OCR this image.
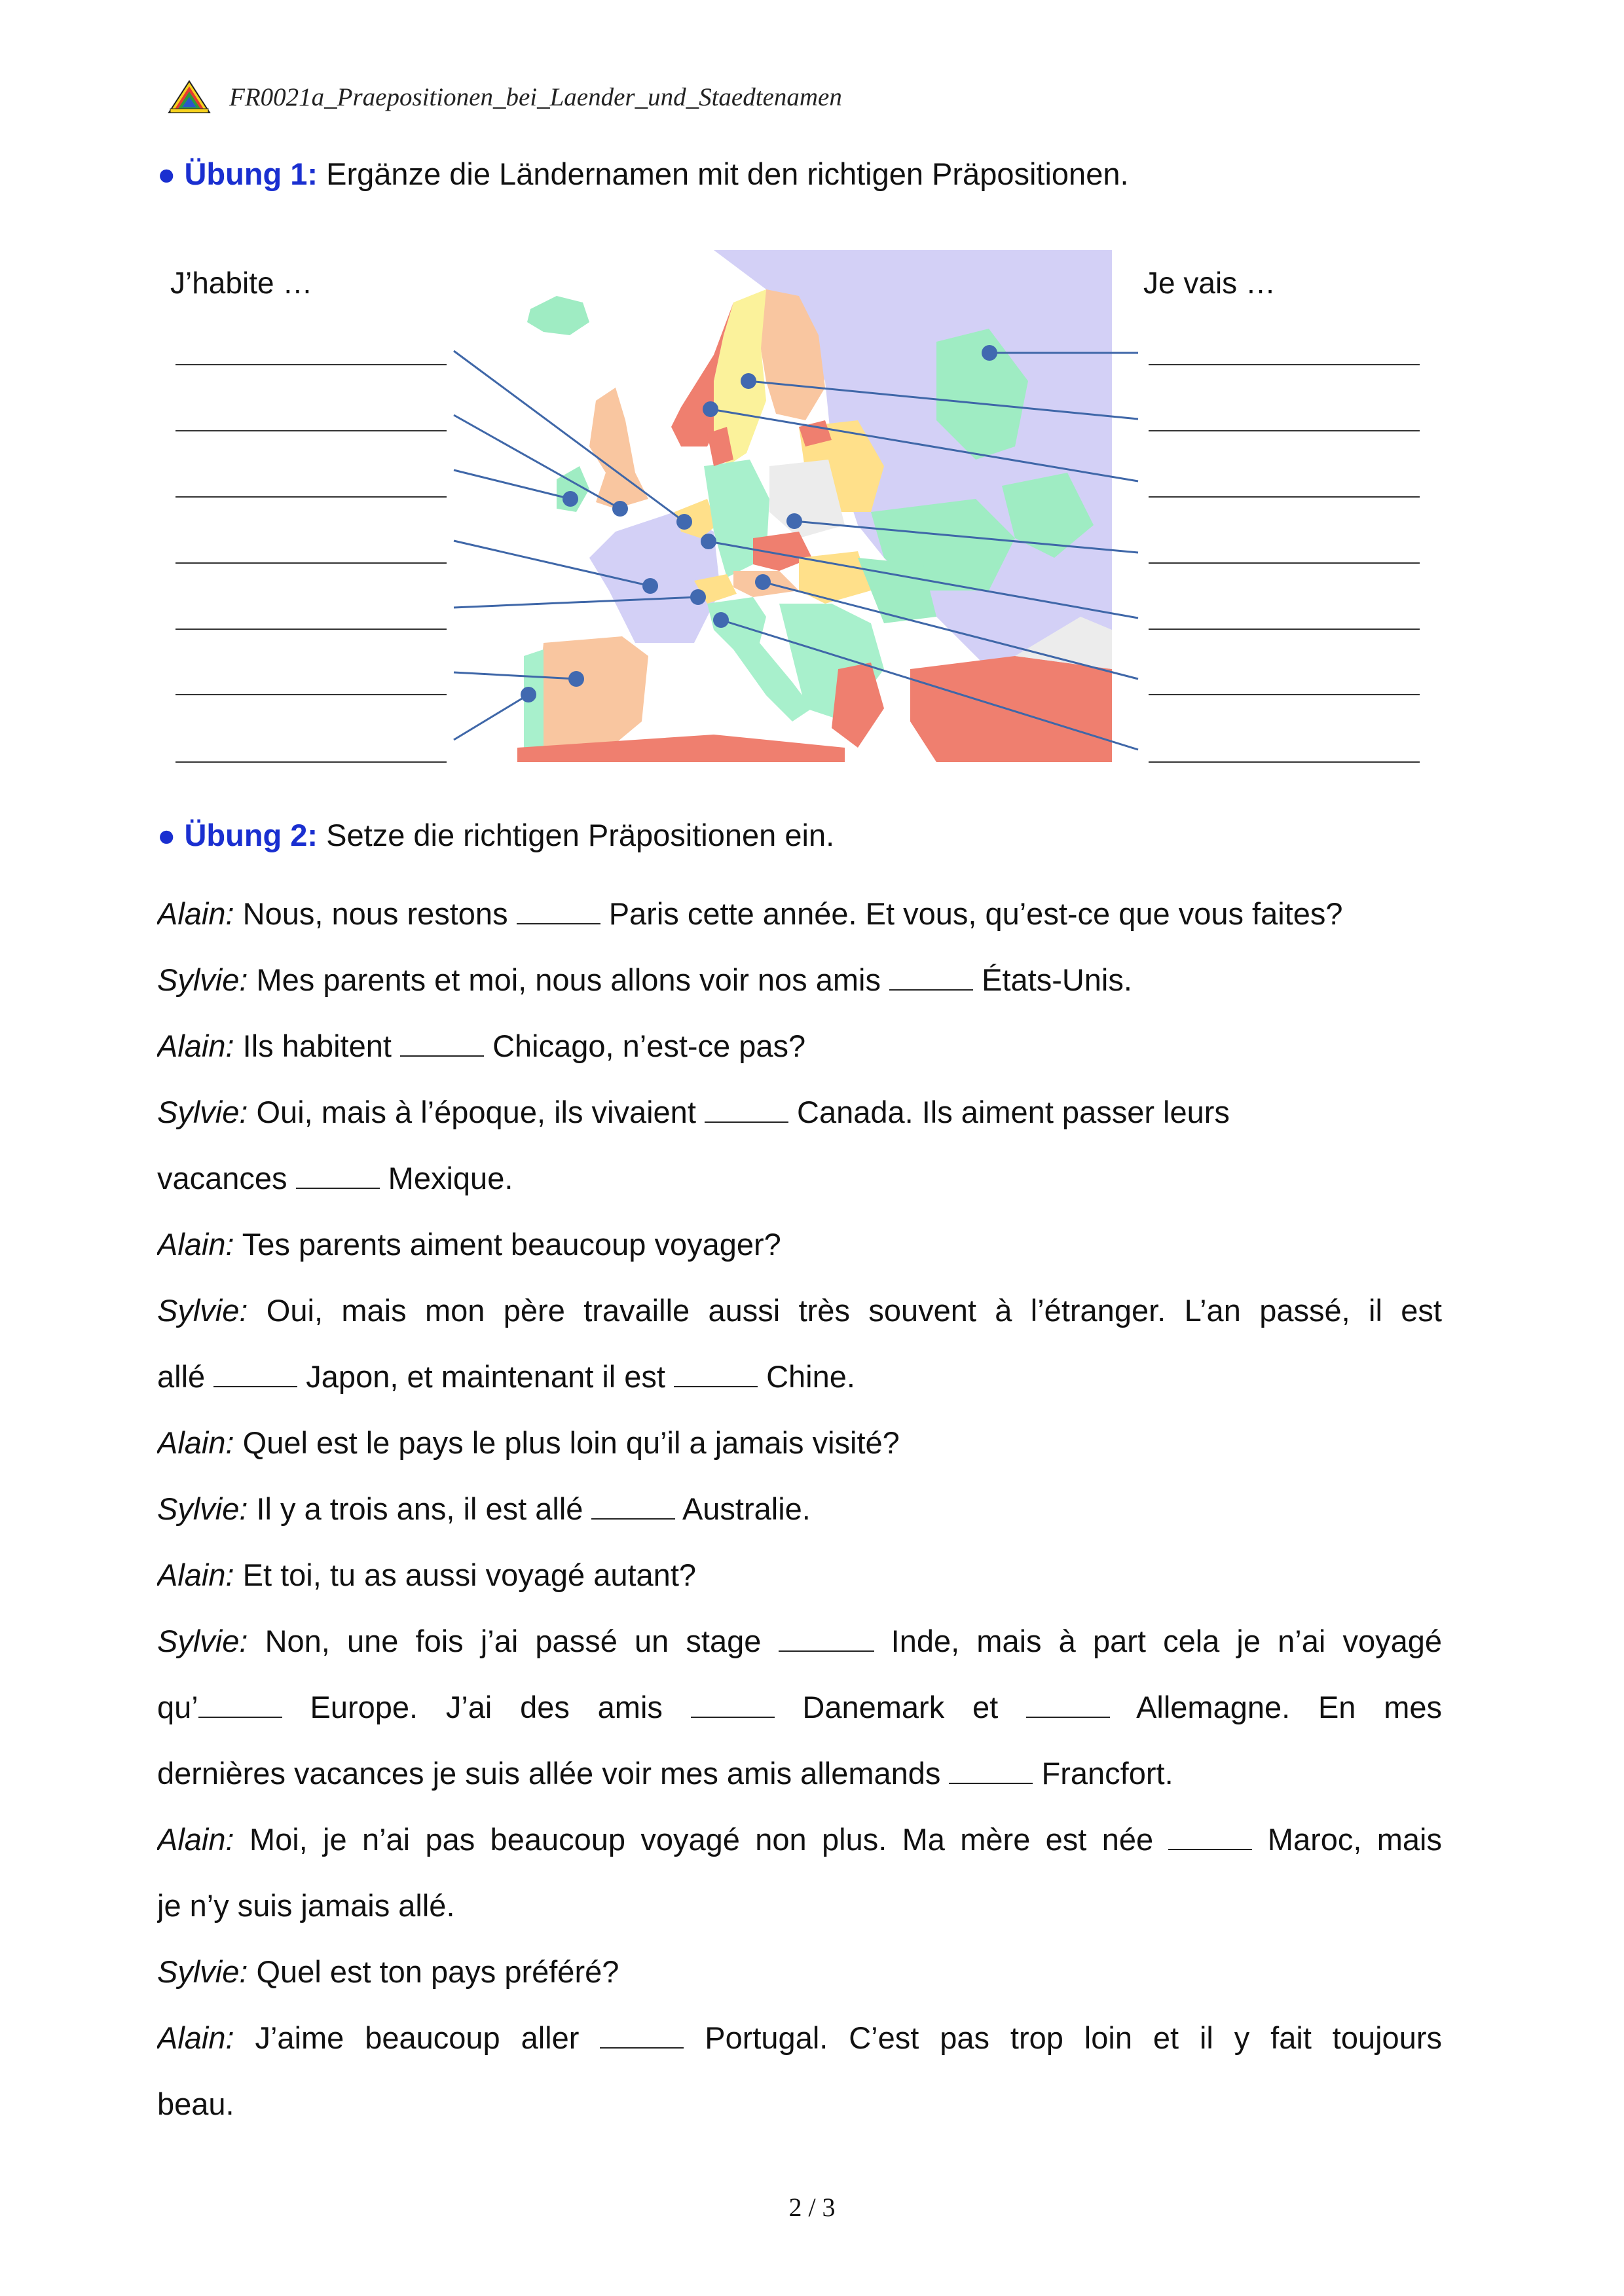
FR0021a_Praepositionen_bei_Laender_und_Staedtenamen
● Übung 1: Ergänze die Ländernamen mit den richtigen Präpositionen.
J’habite …	Je vais …
● Übung 2: Setze die richtigen Präpositionen ein.
Alain: Nous, nous restons	Paris cette année. Et vous, qu’est-ce que vous faites?
Sylvie: Mes parents et moi, nous allons voir nos amis	États-Unis.
Alain: Ils habitent	Chicago, n’est-ce pas?
Sylvie: Oui, mais à l’époque, ils vivaient	Canada. Ils aiment passer leurs
vacances	Mexique.
Alain: Tes parents aiment beaucoup voyager?
Sylvie: Oui, mais mon père travaille aussi très souvent à l’étranger. L’an passé, il est
allé	Japon, et maintenant il est	Chine.
Alain: Quel est le pays le plus loin qu’il a jamais visité?
Sylvie: Il y a trois ans, il est allé	Australie.
Alain: Et toi, tu as aussi voyagé autant?
Sylvie: Non, une fois j’ai passé un stage	Inde, mais à part cela je n’ai voyagé
qu’	Europe. J’ai des amis	Danemark et	Allemagne. En mes
dernières vacances je suis allée voir mes amis allemands	Francfort.
Alain: Moi, je n’ai pas beaucoup voyagé non plus. Ma mère est née	Maroc, mais
je n’y suis jamais allé.
Sylvie: Quel est ton pays préféré?
Alain: J’aime beaucoup aller	Portugal. C’est pas trop loin et il y fait toujours
beau.
2 / 3
